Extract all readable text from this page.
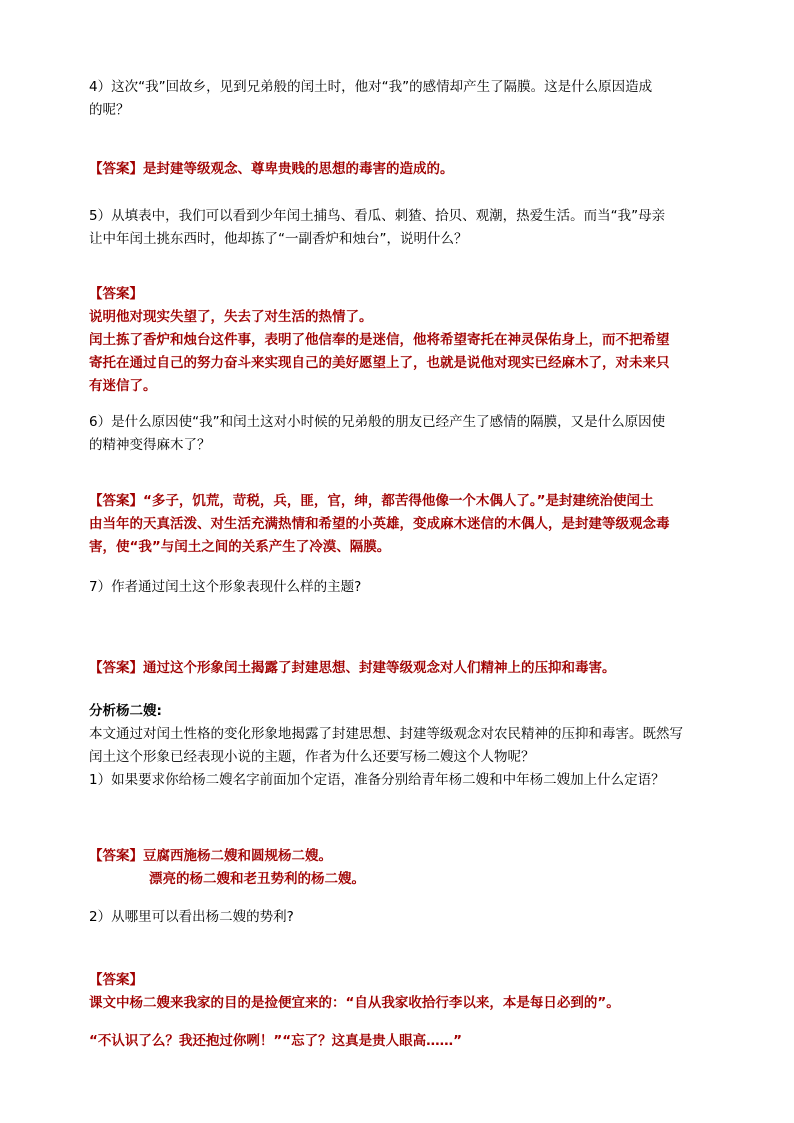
4）这次“我”回故乡，见到兄弟般的闰土时，他对“我”的感情却产生了隔膜。这是什么原因造成
的呢？
【答案】是封建等级观念、尊卑贵贱的思想的毒害的造成的。
5）从填表中，我们可以看到少年闰土捕鸟、看瓜、刺猹、拾贝、观潮，热爱生活。而当“我”母亲
让中年闰土挑东西时，他却拣了“一副香炉和烛台”，说明什么？
【答案】
说明他对现实失望了，失去了对生活的热情了。
闰土拣了香炉和烛台这件事，表明了他信奉的是迷信，他将希望寄托在神灵保佑身上，而不把希望
寄托在通过自己的努力奋斗来实现自己的美好愿望上了，也就是说他对现实已经麻木了，对未来只
有迷信了。
6）是什么原因使“我”和闰土这对小时候的兄弟般的朋友已经产生了感情的隔膜，又是什么原因使
的精神变得麻木了？
【答案】“多子，饥荒，苛税，兵，匪，官，绅，都苦得他像一个木偶人了。”是封建统治使闰土
由当年的天真活泼、对生活充满热情和希望的小英雄，变成麻木迷信的木偶人，是封建等级观念毒
害，使“我”与闰土之间的关系产生了冷漠、隔膜。
7）作者通过闰土这个形象表现什么样的主题?
【答案】通过这个形象闰土揭露了封建思想、封建等级观念对人们精神上的压抑和毒害。
分析杨二嫂:
本文通过对闰土性格的变化形象地揭露了封建思想、封建等级观念对农民精神的压抑和毒害。既然写
闰土这个形象已经表现小说的主题，作者为什么还要写杨二嫂这个人物呢？
1）如果要求你给杨二嫂名字前面加个定语，准备分别给青年杨二嫂和中年杨二嫂加上什么定语？
【答案】豆腐西施杨二嫂和圆规杨二嫂。
漂亮的杨二嫂和老丑势利的杨二嫂。
2）从哪里可以看出杨二嫂的势利?
【答案】
课文中杨二嫂来我家的目的是捡便宜来的：“自从我家收拾行李以来，本是每日必到的”。
“不认识了么？我还抱过你咧！”“忘了？这真是贵人眼高……”
